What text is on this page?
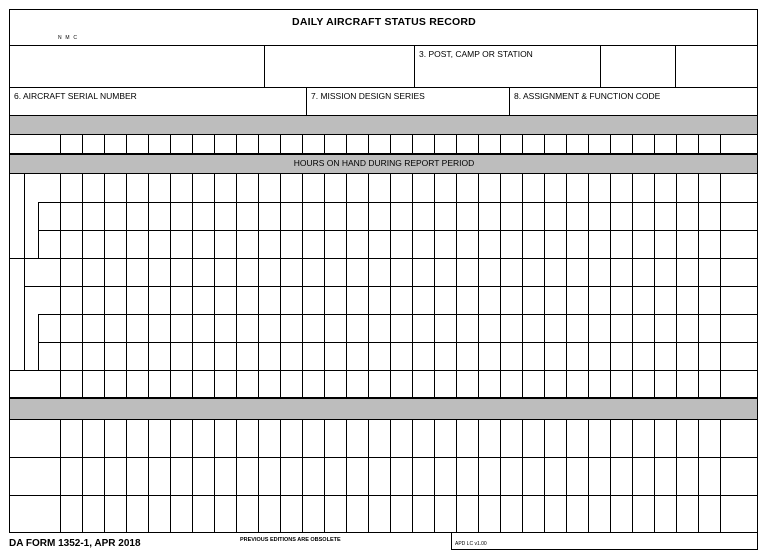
DAILY AIRCRAFT STATUS RECORD
N M C
3. POST, CAMP OR STATION
6. AIRCRAFT SERIAL NUMBER	7. MISSION DESIGN SERIES	8. ASSIGNMENT & FUNCTION CODE
HOURS ON HAND DURING REPORT PERIOD
DA FORM 1352-1, APR 2018	PREVIOUS EDITIONS ARE OBSOLETE
APD LC v1.00
